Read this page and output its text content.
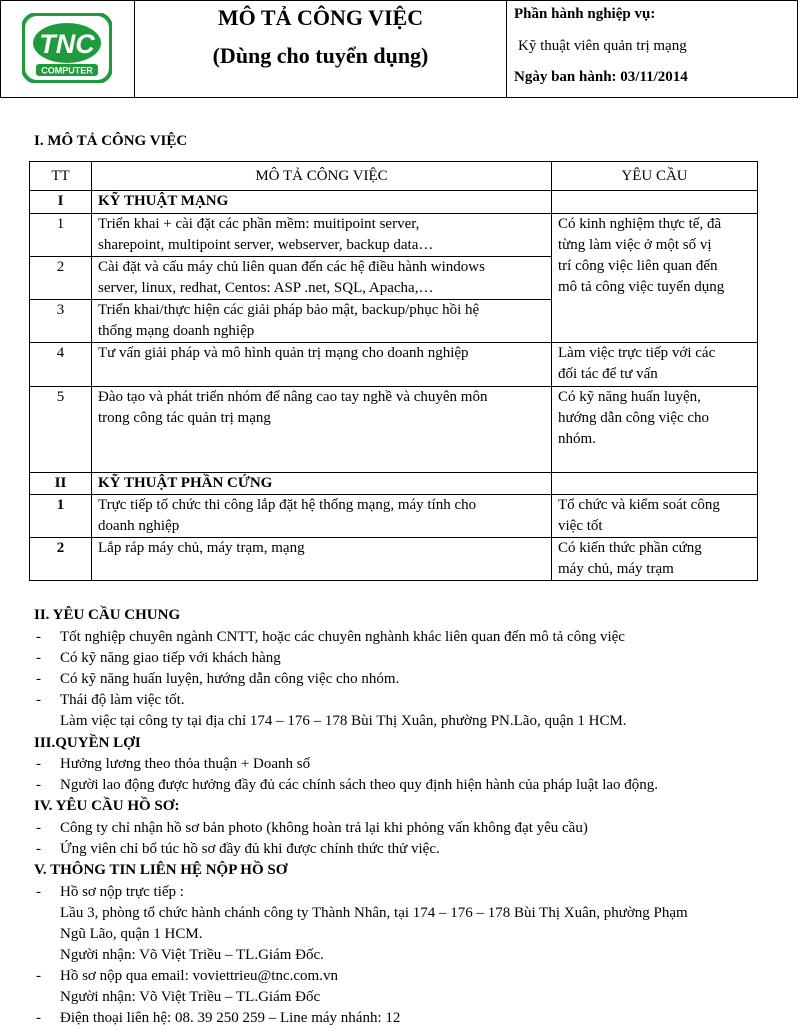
TNC
COMPUTER
MÔ TẢ CÔNG VIỆC
(Dùng cho tuyển dụng)
Phần hành nghiệp vụ:
Kỹ thuật viên quản trị mạng
Ngày ban hành: 03/11/2014
I. MÔ TẢ CÔNG VIỆC
TT	MÔ TẢ CÔNG VIỆC	YÊU CẦU
I	KỸ THUẬT MẠNG	
1	Triển khai + cài đặt các phần mềm: muitipoint server,
sharepoint, multipoint server, webserver, backup data…	Có kinh nghiệm thực tế, đã
từng làm việc ở một số vị
trí công việc liên quan đến
mô tả công việc tuyển dụng
2	Cài đặt và cấu máy chủ liên quan đến các hệ điều hành windows
server, linux, redhat, Centos: ASP .net, SQL, Apacha,…	
3	Triển khai/thực hiện các giải pháp bảo mật, backup/phục hồi hệ
thống mạng doanh nghiệp	
4	Tư vấn giải pháp và mô hình quản trị mạng cho doanh nghiệp	Làm việc trực tiếp với các
đối tác để tư vấn
5	Đào tạo và phát triển nhóm để nâng cao tay nghề và chuyên môn
trong công tác quản trị mạng	Có kỹ năng huấn luyện,
hướng dẫn công việc cho
nhóm.
II	KỸ THUẬT PHẦN CỨNG	
1	Trực tiếp tổ chức thi công lắp đặt hệ thống mạng, máy tính cho
doanh nghiệp	Tổ chức và kiểm soát công
việc tốt
2	Lắp ráp máy chủ, máy trạm, mạng	Có kiến thức phần cứng
máy chủ, máy trạm
II. YÊU CẦU CHUNG
- Tốt nghiệp chuyên ngành CNTT, hoặc các chuyên nghành khác liên quan đến mô tả công việc
- Có kỹ năng giao tiếp với khách hàng
- Có kỹ năng huấn luyện, hướng dẫn công việc cho nhóm.
- Thái độ làm việc tốt.
Làm việc tại công ty tại địa chỉ 174 – 176 – 178 Bùi Thị Xuân, phường PN.Lão, quận 1 HCM.
III.QUYỀN LỢI
- Hưởng lương theo thỏa thuận + Doanh số
- Người lao động được hưởng đầy đủ các chính sách theo quy định hiện hành của pháp luật lao động.
IV. YÊU CẦU HỒ SƠ:
- Công ty chỉ nhận hồ sơ bản photo (không hoàn trả lại khi phỏng vấn không đạt yêu cầu)
- Ứng viên chỉ bổ túc hồ sơ đầy đủ khi được chính thức thử việc.
V. THÔNG TIN LIÊN HỆ NỘP HỒ SƠ
- Hồ sơ nộp trực tiếp :
Lầu 3, phòng tổ chức hành chánh công ty Thành Nhân, tại 174 – 176 – 178 Bùi Thị Xuân, phường Phạm
Ngũ Lão, quận 1 HCM.
Người nhận: Võ Việt Triều – TL.Giám Đốc.
- Hồ sơ nộp qua email: voviettrieu@tnc.com.vn
Người nhận: Võ Việt Triều – TL.Giám Đốc
- Điện thoại liên hệ: 08. 39 250 259 – Line máy nhánh: 12
